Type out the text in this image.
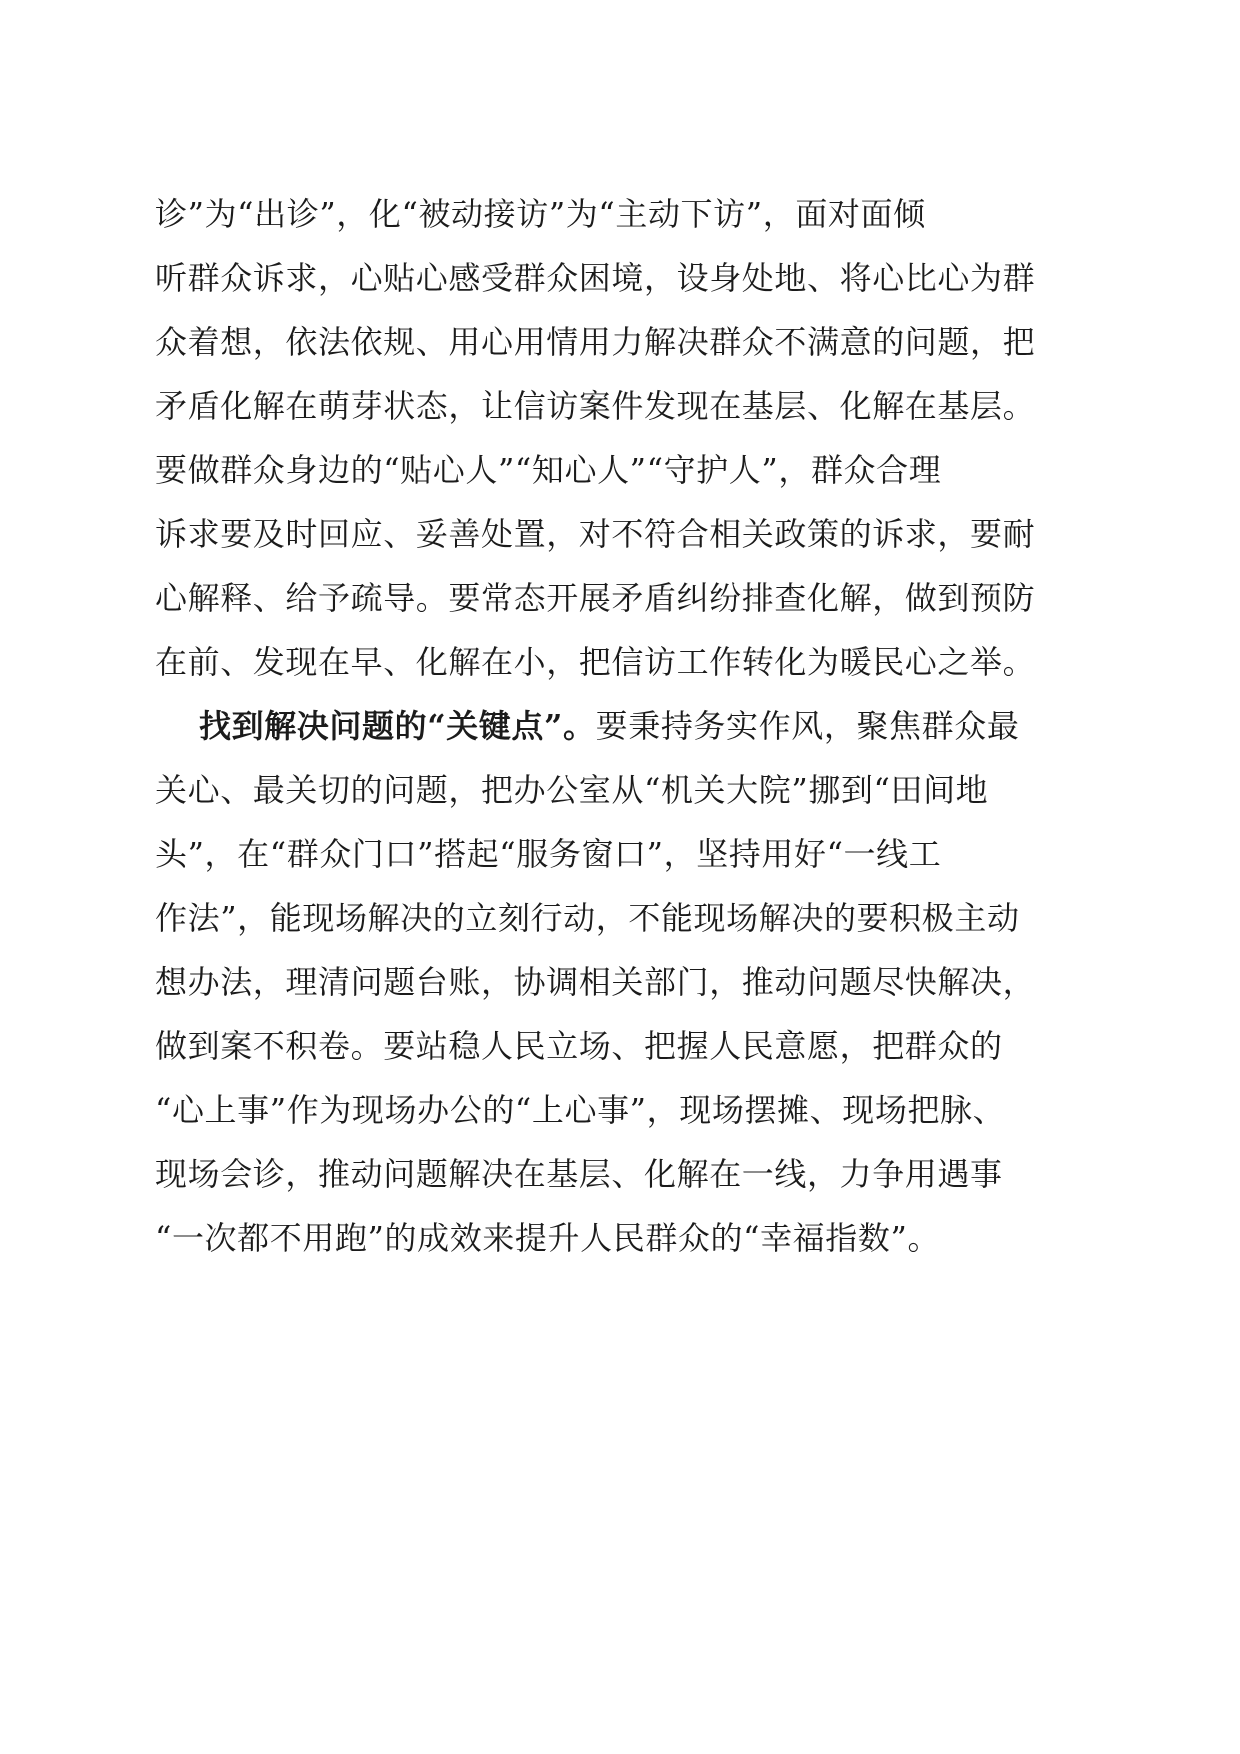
诊”为“出诊”，化“被动接访”为“主动下访”，面对面倾
听群众诉求，心贴心感受群众困境，设身处地、将心比心为群
众着想，依法依规、用心用情用力解决群众不满意的问题，把
矛盾化解在萌芽状态，让信访案件发现在基层、化解在基层。
要做群众身边的“贴心人”“知心人”“守护人”，群众合理
诉求要及时回应、妥善处置，对不符合相关政策的诉求，要耐
心解释、给予疏导。要常态开展矛盾纠纷排查化解，做到预防
在前、发现在早、化解在小，把信访工作转化为暖民心之举。
找到解决问题的“关键点”。要秉持务实作风，聚焦群众最
关心、最关切的问题，把办公室从“机关大院”挪到“田间地
头”，在“群众门口”搭起“服务窗口”，坚持用好“一线工
作法”，能现场解决的立刻行动，不能现场解决的要积极主动
想办法，理清问题台账，协调相关部门，推动问题尽快解决，
做到案不积卷。要站稳人民立场、把握人民意愿，把群众的
“心上事”作为现场办公的“上心事”，现场摆摊、现场把脉、
现场会诊，推动问题解决在基层、化解在一线，力争用遇事
“一次都不用跑”的成效来提升人民群众的“幸福指数”。
